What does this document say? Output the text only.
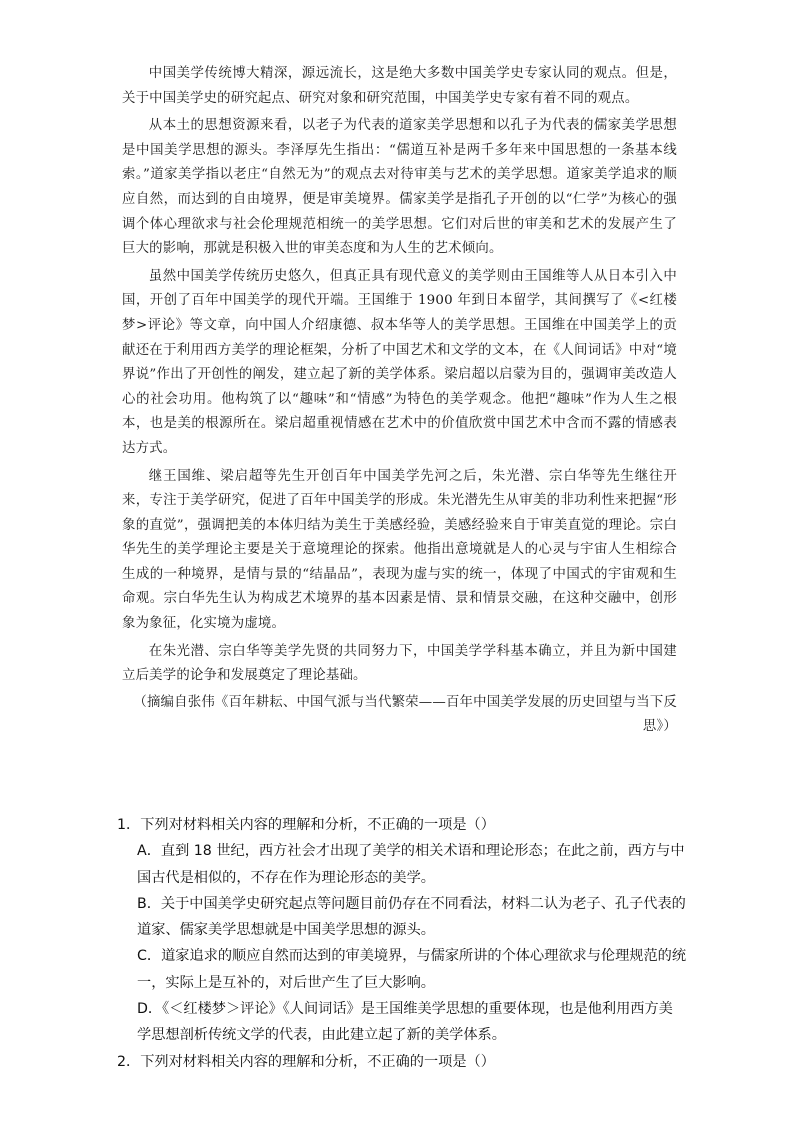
中国美学传统博大精深，源远流长，这是绝大多数中国美学史专家认同的观点。但是，关于中国美学史的研究起点、研究对象和研究范围，中国美学史专家有着不同的观点。

从本土的思想资源来看，以老子为代表的道家美学思想和以孔子为代表的儒家美学思想是中国美学思想的源头。李泽厚先生指出：“儒道互补是两千多年来中国思想的一条基本线索。”道家美学指以老庄“自然无为”的观点去对待审美与艺术的美学思想。道家美学追求的顺应自然，而达到的自由境界，便是审美境界。儒家美学是指孔子开创的以“仁学”为核心的强调个体心理欲求与社会伦理规范相统一的美学思想。它们对后世的审美和艺术的发展产生了巨大的影响，那就是积极入世的审美态度和为人生的艺术倾向。

虽然中国美学传统历史悠久，但真正具有现代意义的美学则由王国维等人从日本引入中国，开创了百年中国美学的现代开端。王国维于 1900 年到日本留学，其间撰写了《<红楼梦>评论》等文章，向中国人介绍康德、叔本华等人的美学思想。王国维在中国美学上的贡献还在于利用西方美学的理论框架，分析了中国艺术和文学的文本，在《人间词话》中对“境界说”作出了开创性的阐发，建立起了新的美学体系。梁启超以启蒙为目的，强调审美改造人心的社会功用。他构筑了以“趣味”和“情感”为特色的美学观念。他把“趣味”作为人生之根本，也是美的根源所在。梁启超重视情感在艺术中的价值欣赏中国艺术中含而不露的情感表达方式。

继王国维、梁启超等先生开创百年中国美学先河之后，朱光潜、宗白华等先生继往开来，专注于美学研究，促进了百年中国美学的形成。朱光潜先生从审美的非功利性来把握“形象的直觉”，强调把美的本体归结为美生于美感经验，美感经验来自于审美直觉的理论。宗白华先生的美学理论主要是关于意境理论的探索。他指出意境就是人的心灵与宇宙人生相综合生成的一种境界，是情与景的“结晶品”，表现为虚与实的统一，体现了中国式的宇宙观和生命观。宗白华先生认为构成艺术境界的基本因素是情、景和情景交融，在这种交融中，创形象为象征，化实境为虚境。

在朱光潜、宗白华等美学先贤的共同努力下，中国美学学科基本确立，并且为新中国建立后美学的论争和发展奠定了理论基础。

（摘编自张伟《百年耕耘、中国气派与当代繁荣——百年中国美学发展的历史回望与当下反思》）

1．下列对材料相关内容的理解和分析，不正确的一项是（）

A．直到 18 世纪，西方社会才出现了美学的相关术语和理论形态；在此之前，西方与中国古代是相似的，不存在作为理论形态的美学。
B．关于中国美学史研究起点等问题目前仍存在不同看法，材料二认为老子、孔子代表的道家、儒家美学思想就是中国美学思想的源头。
C．道家追求的顺应自然而达到的审美境界，与儒家所讲的个体心理欲求与伦理规范的统一，实际上是互补的，对后世产生了巨大影响。
D．《＜红楼梦＞评论》《人间词话》是王国维美学思想的重要体现，也是他利用西方美学思想剖析传统文学的代表，由此建立起了新的美学体系。

2．下列对材料相关内容的理解和分析，不正确的一项是（）
